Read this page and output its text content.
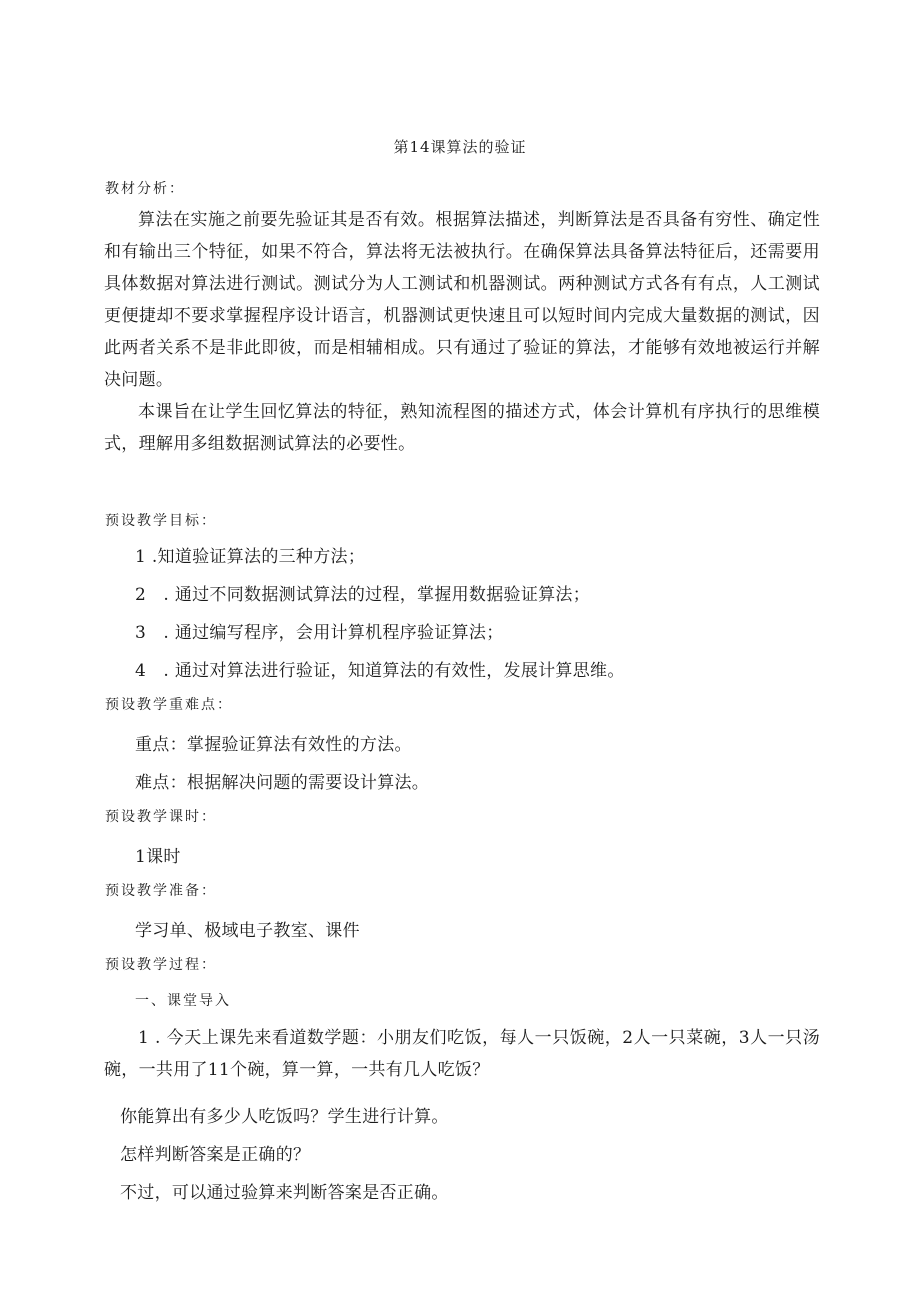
第14课算法的验证
教材分析：
算法在实施之前要先验证其是否有效。根据算法描述，判断算法是否具备有穷性、确定性和有输出三个特征，如果不符合，算法将无法被执行。在确保算法具备算法特征后，还需要用具体数据对算法进行测试。测试分为人工测试和机器测试。两种测试方式各有有点，人工测试更便捷却不要求掌握程序设计语言，机器测试更快速且可以短时间内完成大量数据的测试，因此两者关系不是非此即彼，而是相辅相成。只有通过了验证的算法，才能够有效地被运行并解决问题。
本课旨在让学生回忆算法的特征，熟知流程图的描述方式，体会计算机有序执行的思维模式，理解用多组数据测试算法的必要性。
预设教学目标：
1 .知道验证算法的三种方法；
2　. 通过不同数据测试算法的过程，掌握用数据验证算法；
3　. 通过编写程序，会用计算机程序验证算法；
4　. 通过对算法进行验证，知道算法的有效性，发展计算思维。
预设教学重难点：
重点：掌握验证算法有效性的方法。
难点：根据解决问题的需要设计算法。
预设教学课时：
1课时
预设教学准备：
学习单、极域电子教室、课件
预设教学过程：
一、课堂导入
1 . 今天上课先来看道数学题：小朋友们吃饭，每人一只饭碗，2人一只菜碗，3人一只汤碗，一共用了11个碗，算一算，一共有几人吃饭？
你能算出有多少人吃饭吗？学生进行计算。
怎样判断答案是正确的？
不过，可以通过验算来判断答案是否正确。
